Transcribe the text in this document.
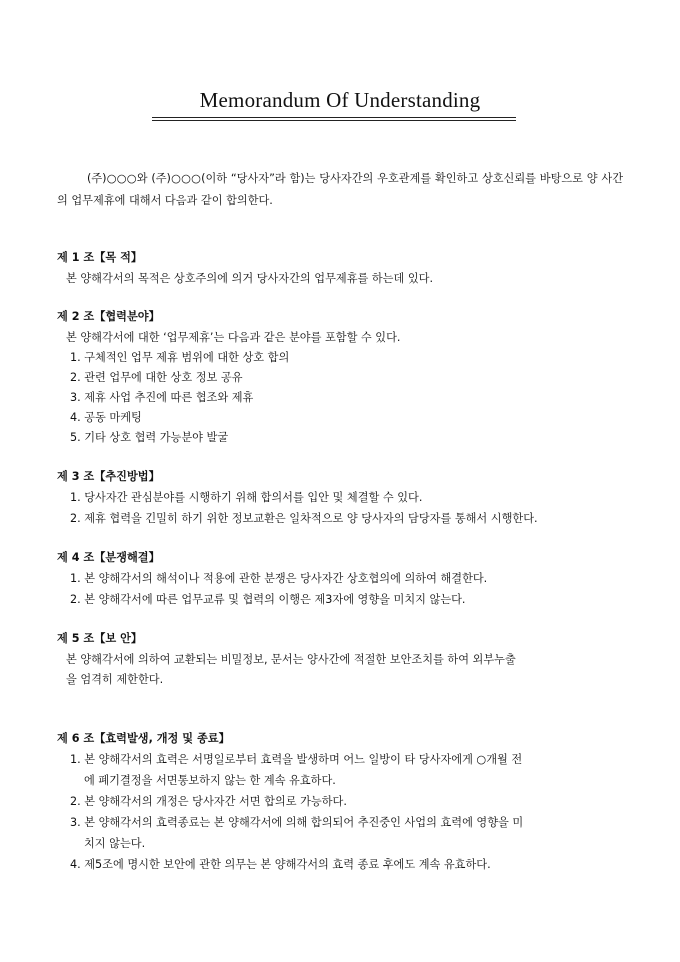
Memorandum Of Understanding
(주)○○○와 (주)○○○(이하 “당사자”라 함)는 당사자간의 우호관계를 확인하고 상호신뢰를 바탕으로 양 사간의 업무제휴에 대해서 다음과 같이 합의한다.
제 1 조【목 적】
본 양해각서의 목적은 상호주의에 의거 당사자간의 업무제휴를 하는데 있다.
제 2 조【협력분야】
본 양해각서에 대한 ‘업무제휴’는 다음과 같은 분야를 포함할 수 있다.
1. 구체적인 업무 제휴 범위에 대한 상호 합의
2. 관련 업무에 대한 상호 정보 공유
3. 제휴 사업 추진에 따른 협조와 제휴
4. 공동 마케팅
5. 기타 상호 협력 가능분야 발굴
제 3 조【추진방법】
1. 당사자간 관심분야를 시행하기 위해 합의서를 입안 및 체결할 수 있다.
2. 제휴 협력을 긴밀히 하기 위한 정보교환은 일차적으로 양 당사자의 담당자를 통해서 시행한다.
제 4 조【분쟁해결】
1. 본 양해각서의 해석이나 적용에 관한 분쟁은 당사자간 상호협의에 의하여 해결한다.
2. 본 양해각서에 따른 업무교류 및 협력의 이행은 제3자에 영향을 미치지 않는다.
제 5 조【보 안】
본 양해각서에 의하여 교환되는 비밀정보, 문서는 양사간에 적절한 보안조치를 하여 외부누출
을 엄격히 제한한다.
제 6 조【효력발생, 개정 및 종료】
1. 본 양해각서의 효력은 서명일로부터 효력을 발생하며 어느 일방이 타 당사자에게 ○개월 전
에 폐기결정을 서면통보하지 않는 한 계속 유효하다.
2. 본 양해각서의 개정은 당사자간 서면 합의로 가능하다.
3. 본 양해각서의 효력종료는 본 양해각서에 의해 합의되어 추진중인 사업의 효력에 영향을 미
치지 않는다.
4. 제5조에 명시한 보안에 관한 의무는 본 양해각서의 효력 종료 후에도 계속 유효하다.
